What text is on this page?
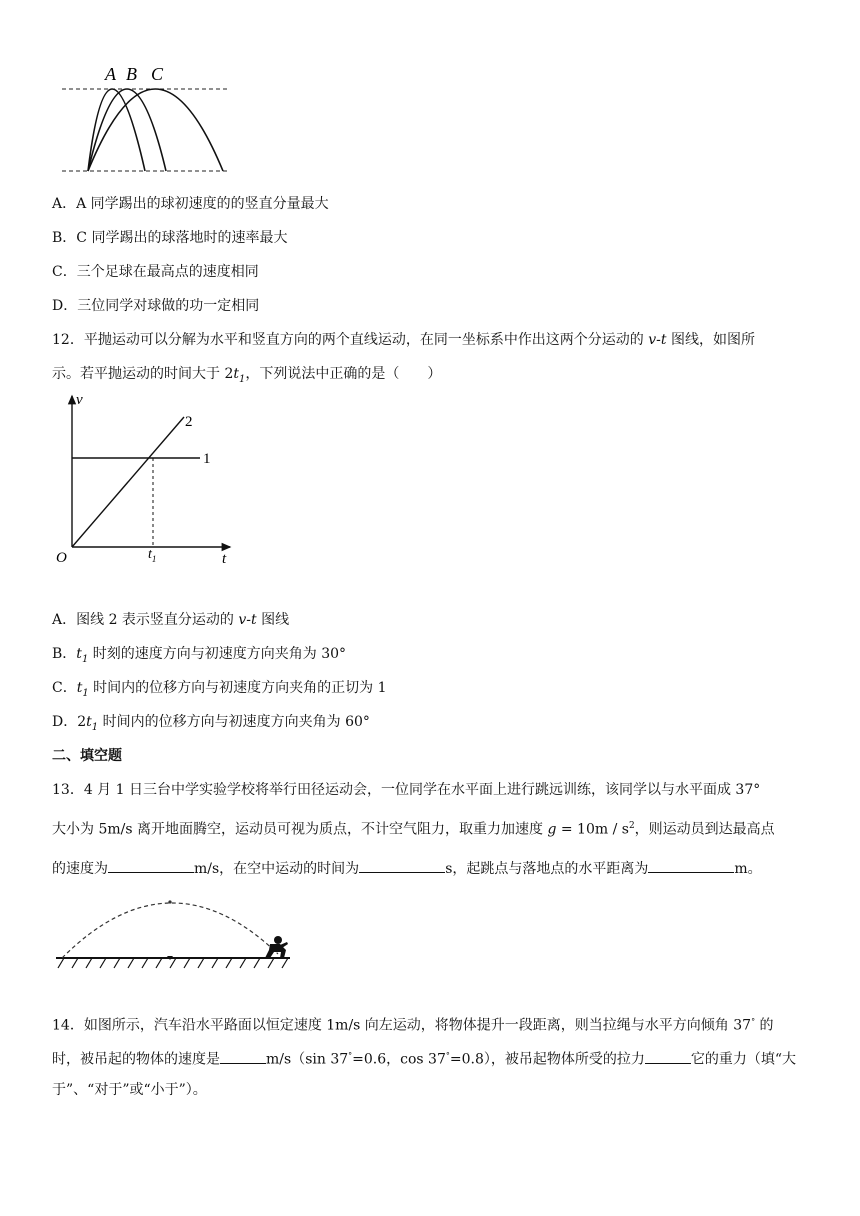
A B C
A．A 同学踢出的球初速度的的竖直分量最大
B．C 同学踢出的球落地时的速率最大
C．三个足球在最高点的速度相同
D．三位同学对球做的功一定相同
12．平抛运动可以分解为水平和竖直方向的两个直线运动，在同一坐标系中作出这两个分运动的 v-t 图线，如图所
示。若平抛运动的时间大于 $2t_1$，下列说法中正确的是（　　）
v
t
O	$t_1$
1
2
A．图线 2 表示竖直分运动的 v-t 图线
B．$t_1$ 时刻的速度方向与初速度方向夹角为 30°
C．$t_1$ 时间内的位移方向与初速度方向夹角的正切为 1
D．$2t_1$ 时间内的位移方向与初速度方向夹角为 60°
二、填空题
13．4 月 1 日三台中学实验学校将举行田径运动会，一位同学在水平面上进行跳远训练，该同学以与水平面成 37°
大小为 5m/s 离开地面腾空，运动员可视为质点，不计空气阻力，取重力加速度 $g = 10m / s^2$，则运动员到达最高点
的速度为	m/s，在空中运动的时间为	s，起跳点与落地点的水平距离为	m。
14．如图所示，汽车沿水平路面以恒定速度 1m/s 向左运动，将物体提升一段距离，则当拉绳与水平方向倾角 37° 的
时，被吊起的物体的速度是	m/s（sin 37°=0.6，cos 37°=0.8），被吊起物体所受的拉力	它的重力（填“大
于”、“对于”或“小于”）。
